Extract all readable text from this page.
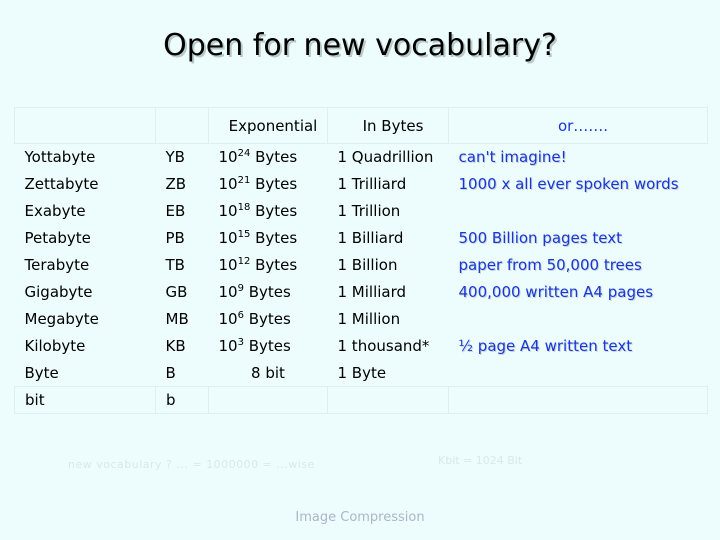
Open for new vocabulary?
		Exponential	In Bytes	or…….
Yottabyte	YB	$10^{24}$ Bytes	1 Quadrillion	can't imagine!
Zettabyte	ZB	$10^{21}$ Bytes	1 Trilliard	1000 x all ever spoken words
Exabyte	EB	$10^{18}$ Bytes	1 Trillion	
Petabyte	PB	$10^{15}$ Bytes	1 Billiard	500 Billion pages text
Terabyte	TB	$10^{12}$ Bytes	1 Billion	paper from 50,000 trees
Gigabyte	GB	$10^9$ Bytes	1 Milliard	400,000 written A4 pages
Megabyte	MB	$10^6$ Bytes	1 Million	
Kilobyte	KB	$10^3$ Bytes	1 thousand*	½ page A4 written text
Byte	B	8 bit	1 Byte	
bit	b			
new vocabulary ? ... = 1000000 = ...wise	Kbit = 1024 Bit
Image Compression
